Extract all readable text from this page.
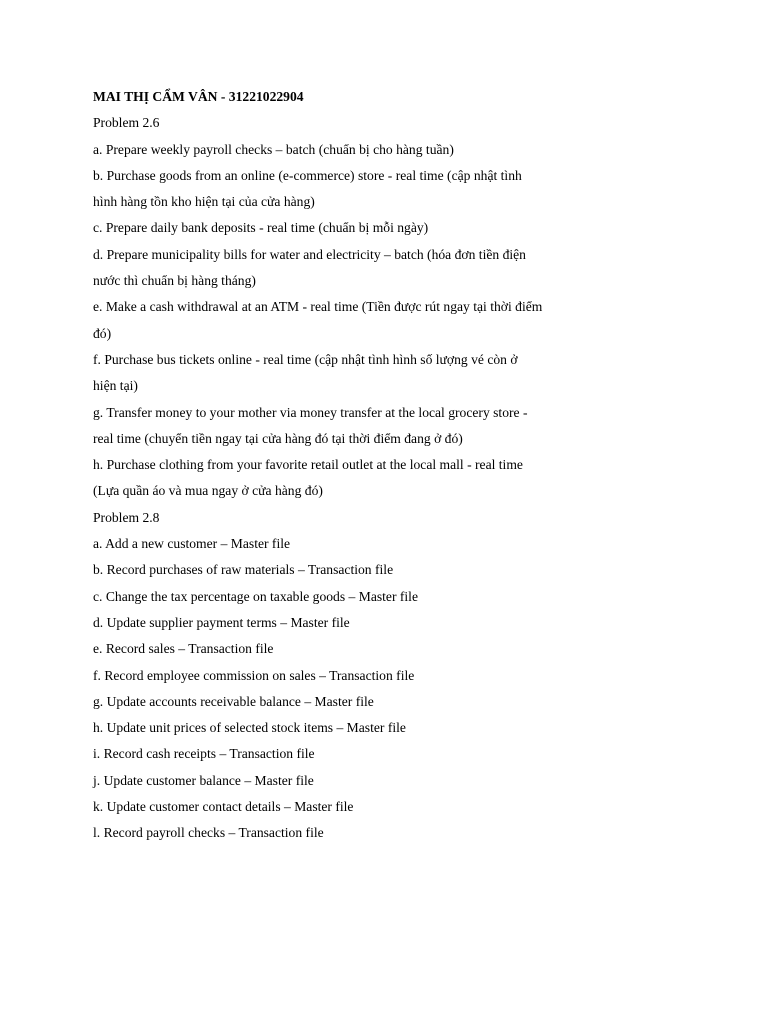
MAI THỊ CẨM VÂN - 31221022904
Problem 2.6
a. Prepare weekly payroll checks – batch (chuẩn bị cho hàng tuần)
b. Purchase goods from an online (e-commerce) store - real time (cập nhật tình
hình hàng tồn kho hiện tại của cửa hàng)
c. Prepare daily bank deposits - real time (chuẩn bị mỗi ngày)
d. Prepare municipality bills for water and electricity – batch (hóa đơn tiền điện
nước thì chuẩn bị hàng tháng)
e. Make a cash withdrawal at an ATM - real time (Tiền được rút ngay tại thời điểm
đó)
f. Purchase bus tickets online - real time (cập nhật tình hình số lượng vé còn ở
hiện tại)
g. Transfer money to your mother via money transfer at the local grocery store -
real time (chuyển tiền ngay tại cửa hàng đó tại thời điểm đang ở đó)
h. Purchase clothing from your favorite retail outlet at the local mall - real time
(Lựa quần áo và mua ngay ở cửa hàng đó)
Problem 2.8
a. Add a new customer – Master file
b. Record purchases of raw materials – Transaction file
c. Change the tax percentage on taxable goods – Master file
d. Update supplier payment terms – Master file
e. Record sales – Transaction file
f. Record employee commission on sales – Transaction file
g. Update accounts receivable balance – Master file
h. Update unit prices of selected stock items – Master file
i. Record cash receipts – Transaction file
j. Update customer balance – Master file
k. Update customer contact details – Master file
l. Record payroll checks – Transaction file
